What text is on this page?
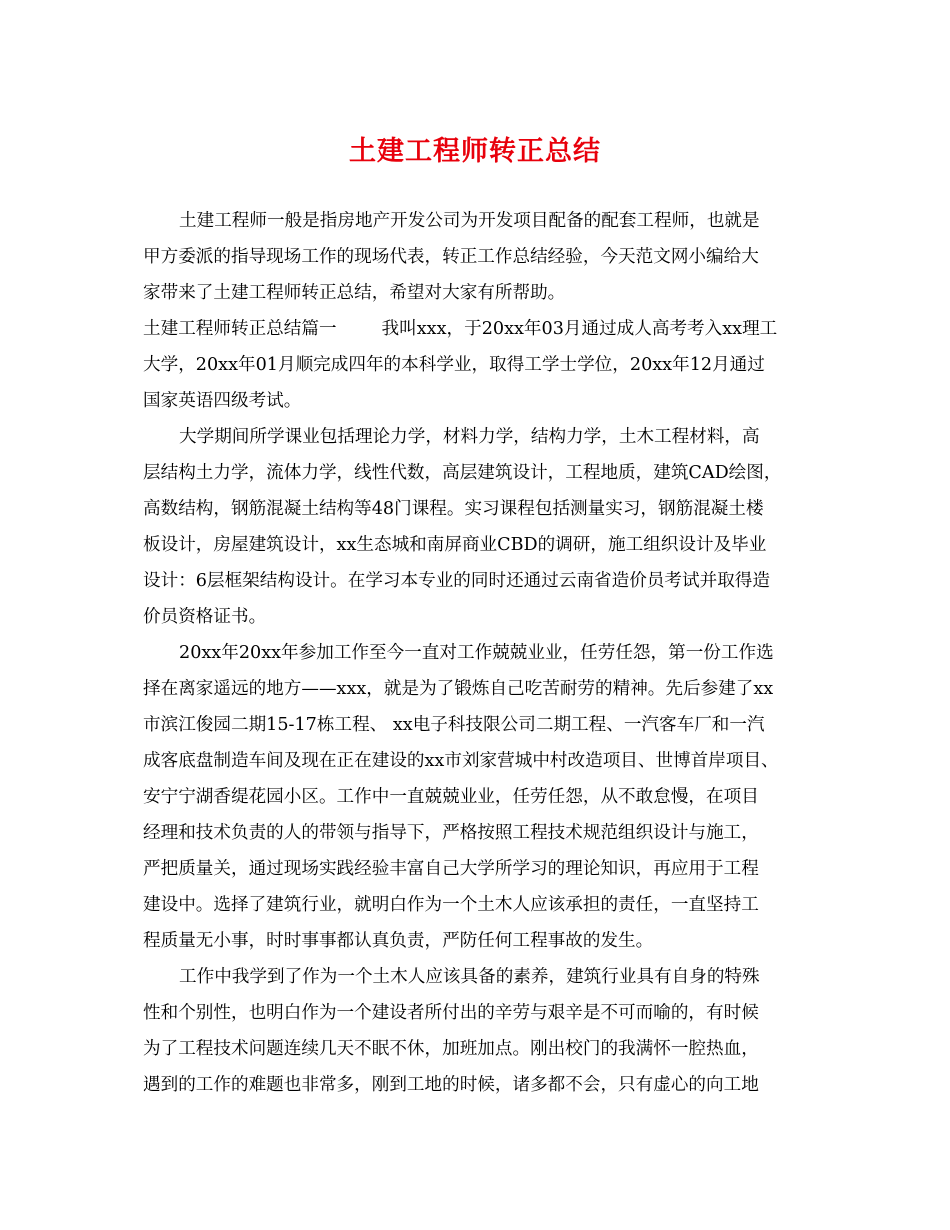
土建工程师转正总结
土建工程师一般是指房地产开发公司为开发项目配备的配套工程师，也就是
甲方委派的指导现场工作的现场代表，转正工作总结经验，今天范文网小编给大
家带来了土建工程师转正总结，希望对大家有所帮助。
土建工程师转正总结篇一	我叫xxx，于20xx年03月通过成人高考考入xx理工
大学，20xx年01月顺完成四年的本科学业，取得工学士学位，20xx年12月通过
国家英语四级考试。
大学期间所学课业包括理论力学，材料力学，结构力学，土木工程材料，高
层结构土力学，流体力学，线性代数，高层建筑设计，工程地质，建筑CAD绘图，
高数结构，钢筋混凝土结构等48门课程。实习课程包括测量实习，钢筋混凝土楼
板设计，房屋建筑设计，xx生态城和南屏商业CBD的调研，施工组织设计及毕业
设计：6层框架结构设计。在学习本专业的同时还通过云南省造价员考试并取得造
价员资格证书。
20xx年20xx年参加工作至今一直对工作兢兢业业，任劳任怨，第一份工作选
择在离家遥远的地方——xxx，就是为了锻炼自己吃苦耐劳的精神。先后参建了xx
市滨江俊园二期15-17栋工程、 xx电子科技限公司二期工程、一汽客车厂和一汽
成客底盘制造车间及现在正在建设的xx市刘家营城中村改造项目、世博首岸项目、
安宁宁湖香缇花园小区。工作中一直兢兢业业，任劳任怨，从不敢怠慢，在项目
经理和技术负责的人的带领与指导下，严格按照工程技术规范组织设计与施工，
严把质量关，通过现场实践经验丰富自己大学所学习的理论知识，再应用于工程
建设中。选择了建筑行业，就明白作为一个土木人应该承担的责任，一直坚持工
程质量无小事，时时事事都认真负责，严防任何工程事故的发生。
工作中我学到了作为一个土木人应该具备的素养，建筑行业具有自身的特殊
性和个别性，也明白作为一个建设者所付出的辛劳与艰辛是不可而喻的，有时候
为了工程技术问题连续几天不眠不休，加班加点。刚出校门的我满怀一腔热血，
遇到的工作的难题也非常多，刚到工地的时候，诸多都不会，只有虚心的向工地
